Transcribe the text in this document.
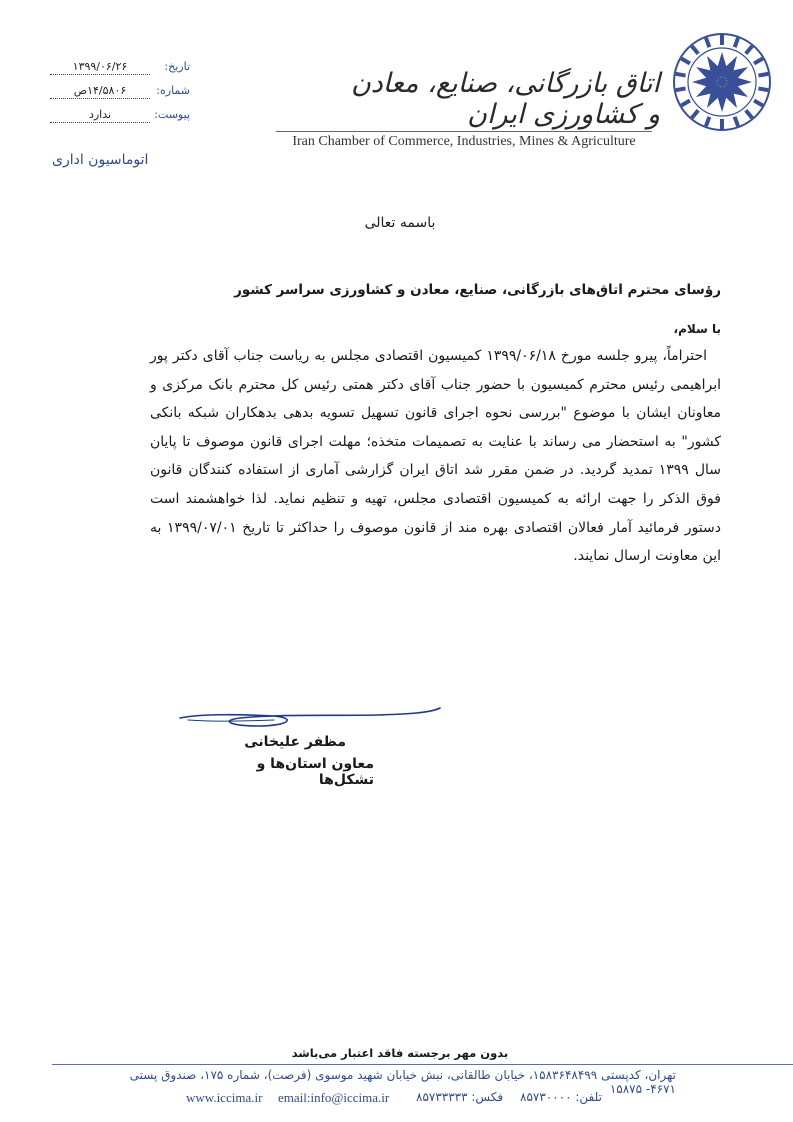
تاریخ:
۱۳۹۹/۰۶/۲۶
شماره:
۱۴/۵۸۰۶ص
پیوست:
ندارد
اتوماسیون اداری
اتاق بازرگانی، صنایع، معادن و کشاورزی ایران
Iran Chamber of Commerce, Industries, Mines & Agriculture
باسمه تعالی
رؤسای محترم اتاق‌های بازرگانی، صنایع، معادن و کشاورزی سراسر کشور
با سلام،
احتراماً، پیرو جلسه مورخ ۱۳۹۹/۰۶/۱۸ کمیسیون اقتصادی مجلس به ریاست جناب آقای دکتر پور ابراهیمی رئیس محترم کمیسیون با حضور جناب آقای دکتر همتی رئیس کل محترم بانک مرکزی و معاونان ایشان با موضوع "بررسی نحوه اجرای قانون تسهیل تسویه بدهی بدهکاران شبکه بانکی کشور" به استحضار می رساند با عنایت به تصمیمات متخذه؛ مهلت اجرای قانون موصوف تا پایان سال ۱۳۹۹ تمدید گردید. در ضمن مقرر شد اتاق ایران گزارشی آماری از استفاده کنندگان قانون فوق الذکر را جهت ارائه به کمیسیون اقتصادی مجلس، تهیه و تنظیم نماید. لذا خواهشمند است دستور فرمائید آمار فعالان اقتصادی بهره مند از قانون موصوف را حداکثر تا تاریخ ۱۳۹۹/۰۷/۰۱ به این معاونت ارسال نمایند.
مظفر علیخانی
معاون استان‌ها و تشکل‌ها
بدون مهر برجسته فاقد اعتبار می‌باشد
تهران، کدپستی ۱۵۸۳۶۴۸۴۹۹، خیابان طالقانی، نبش خیابان شهید موسوی (فرصت)، شماره ۱۷۵، صندوق پستی ۴۶۷۱- ۱۵۸۷۵
www.iccima.ir email:info@iccima.ir فکس: ۸۵۷۳۳۳۳۳ تلفن: ۸۵۷۳۰۰۰۰
